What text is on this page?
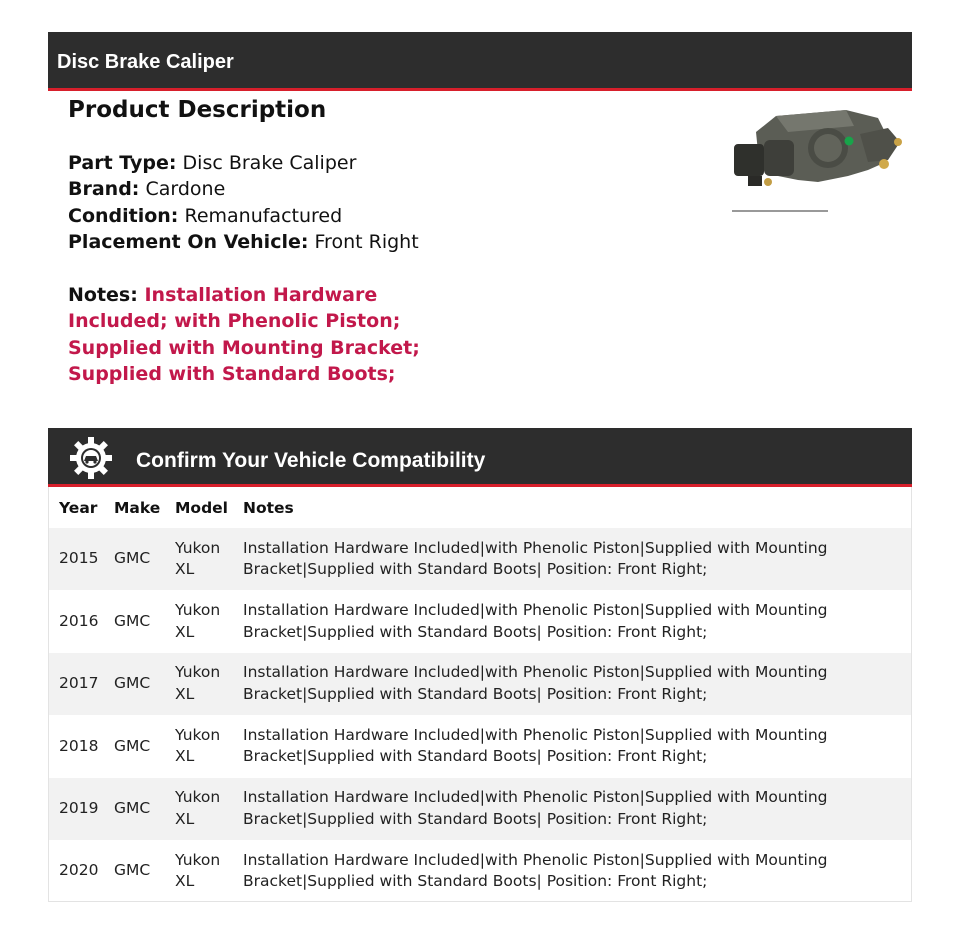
Disc Brake Caliper
Product Description
Part Type: Disc Brake Caliper
Brand: Cardone
Condition: Remanufactured
Placement On Vehicle: Front Right
Notes: Installation Hardware Included; with Phenolic Piston; Supplied with Mounting Bracket; Supplied with Standard Boots;
Confirm Your Vehicle Compatibility
Year	Make	Model	Notes
2015	GMC	Yukon XL	Installation Hardware Included|with Phenolic Piston|Supplied with Mounting Bracket|Supplied with Standard Boots| Position: Front Right;
2016	GMC	Yukon XL	Installation Hardware Included|with Phenolic Piston|Supplied with Mounting Bracket|Supplied with Standard Boots| Position: Front Right;
2017	GMC	Yukon XL	Installation Hardware Included|with Phenolic Piston|Supplied with Mounting Bracket|Supplied with Standard Boots| Position: Front Right;
2018	GMC	Yukon XL	Installation Hardware Included|with Phenolic Piston|Supplied with Mounting Bracket|Supplied with Standard Boots| Position: Front Right;
2019	GMC	Yukon XL	Installation Hardware Included|with Phenolic Piston|Supplied with Mounting Bracket|Supplied with Standard Boots| Position: Front Right;
2020	GMC	Yukon XL	Installation Hardware Included|with Phenolic Piston|Supplied with Mounting Bracket|Supplied with Standard Boots| Position: Front Right;
